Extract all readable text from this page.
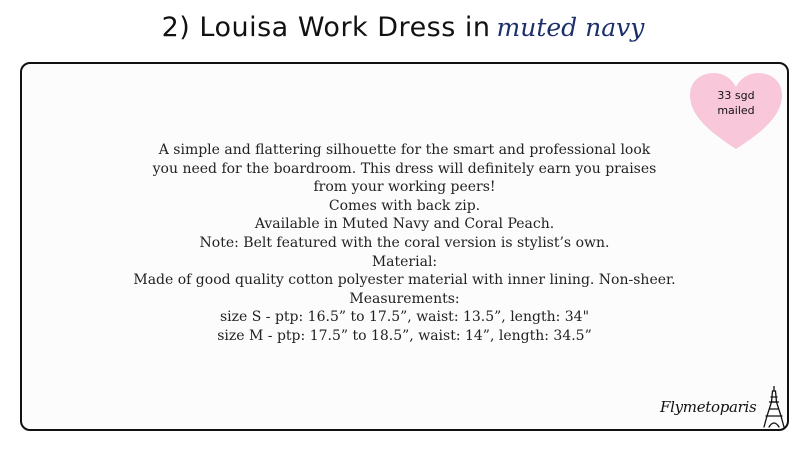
2) Louisa Work Dress in muted navy
33 sgd
mailed
A simple and flattering silhouette for the smart and professional look
you need for the boardroom. This dress will definitely earn you praises
from your working peers!
Comes with back zip.
Available in Muted Navy and Coral Peach.
Note: Belt featured with the coral version is stylist’s own.
Material:
Made of good quality cotton polyester material with inner lining. Non-sheer.
Measurements:
size S - ptp: 16.5” to 17.5”, waist: 13.5”, length: 34"
size M - ptp: 17.5” to 18.5”, waist: 14”, length: 34.5”
Flymetoparis
